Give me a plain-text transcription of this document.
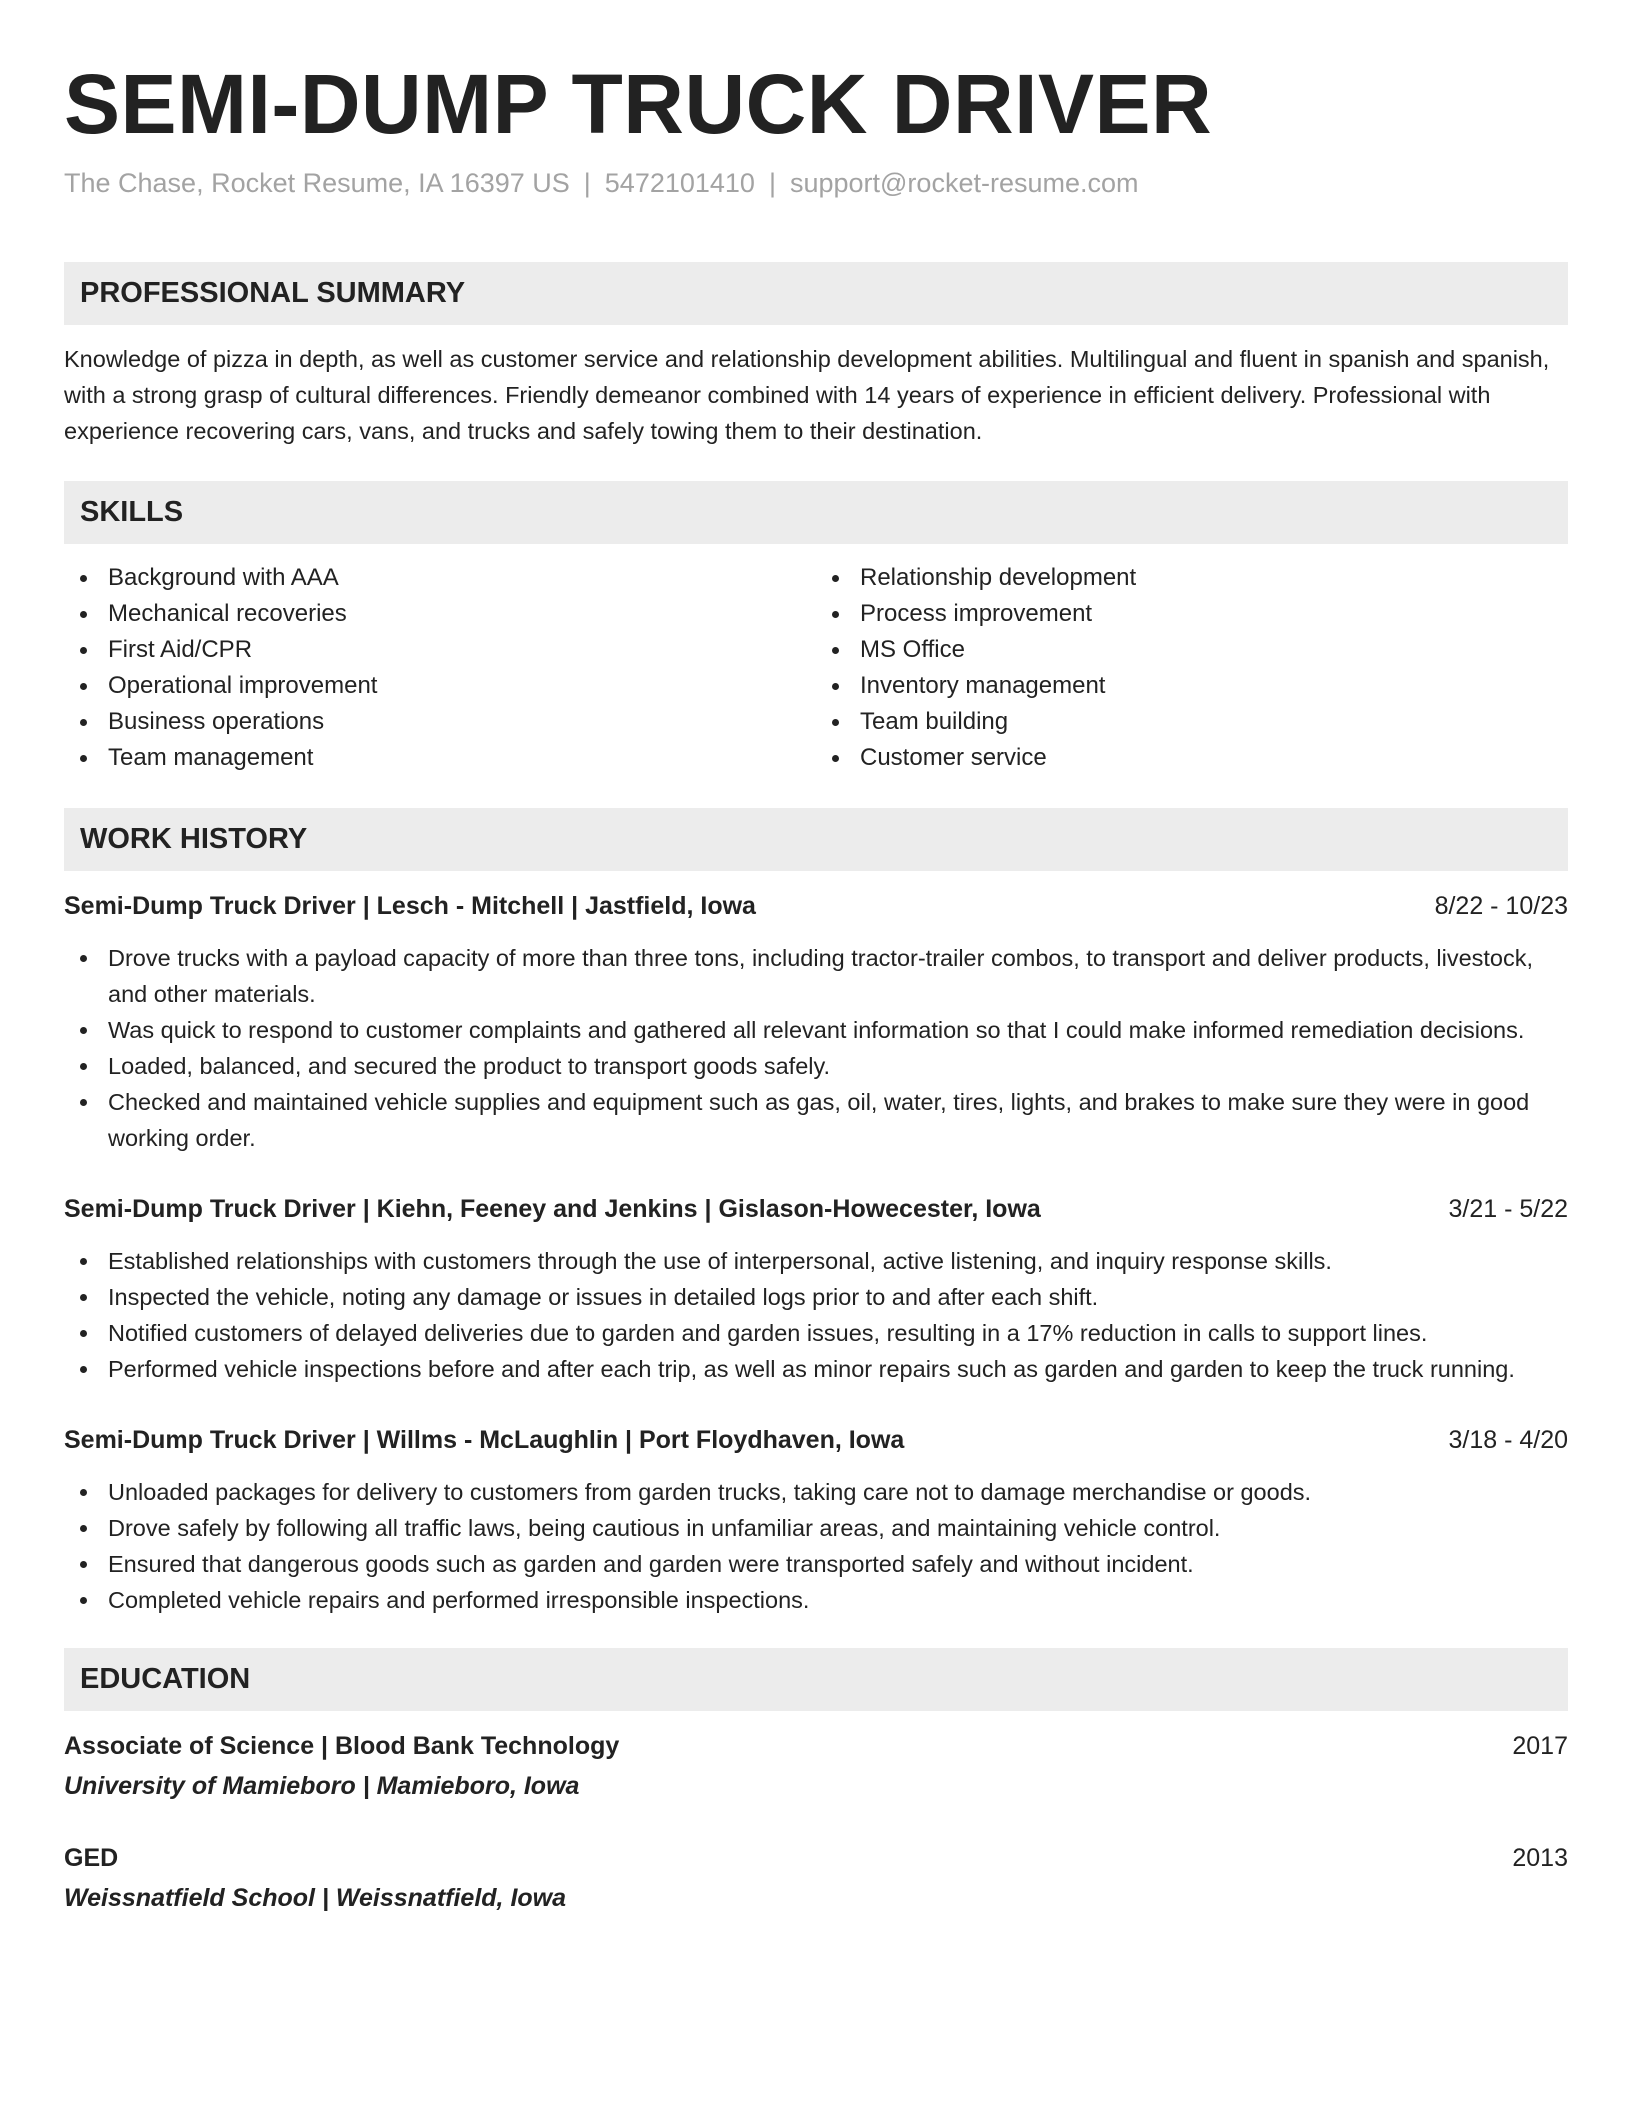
SEMI-DUMP TRUCK DRIVER
The Chase, Rocket Resume, IA 16397 US | 5472101410 | support@rocket-resume.com
PROFESSIONAL SUMMARY

Knowledge of pizza in depth, as well as customer service and relationship development abilities. Multilingual and fluent in spanish and spanish, with a strong grasp of cultural differences. Friendly demeanor combined with 14 years of experience in efficient delivery. Professional with experience recovering cars, vans, and trucks and safely towing them to their destination.

SKILLS
Background with AAA
Mechanical recoveries
First Aid/CPR
Operational improvement
Business operations
Team management
Relationship development
Process improvement
MS Office
Inventory management
Team building
Customer service
WORK HISTORY
Semi-Dump Truck Driver | Lesch - Mitchell | Jastfield, Iowa	8/22 - 10/23
Drove trucks with a payload capacity of more than three tons, including tractor-trailer combos, to transport and deliver products, livestock, and other materials.
Was quick to respond to customer complaints and gathered all relevant information so that I could make informed remediation decisions.
Loaded, balanced, and secured the product to transport goods safely.
Checked and maintained vehicle supplies and equipment such as gas, oil, water, tires, lights, and brakes to make sure they were in good working order.
Semi-Dump Truck Driver | Kiehn, Feeney and Jenkins | Gislason-Howecester, Iowa	3/21 - 5/22
Established relationships with customers through the use of interpersonal, active listening, and inquiry response skills.
Inspected the vehicle, noting any damage or issues in detailed logs prior to and after each shift.
Notified customers of delayed deliveries due to garden and garden issues, resulting in a 17% reduction in calls to support lines.
Performed vehicle inspections before and after each trip, as well as minor repairs such as garden and garden to keep the truck running.
Semi-Dump Truck Driver | Willms - McLaughlin | Port Floydhaven, Iowa	3/18 - 4/20
Unloaded packages for delivery to customers from garden trucks, taking care not to damage merchandise or goods.
Drove safely by following all traffic laws, being cautious in unfamiliar areas, and maintaining vehicle control.
Ensured that dangerous goods such as garden and garden were transported safely and without incident.
Completed vehicle repairs and performed irresponsible inspections.
EDUCATION
Associate of Science | Blood Bank Technology	2017
University of Mamieboro | Mamieboro, Iowa
GED	2013
Weissnatfield School | Weissnatfield, Iowa
